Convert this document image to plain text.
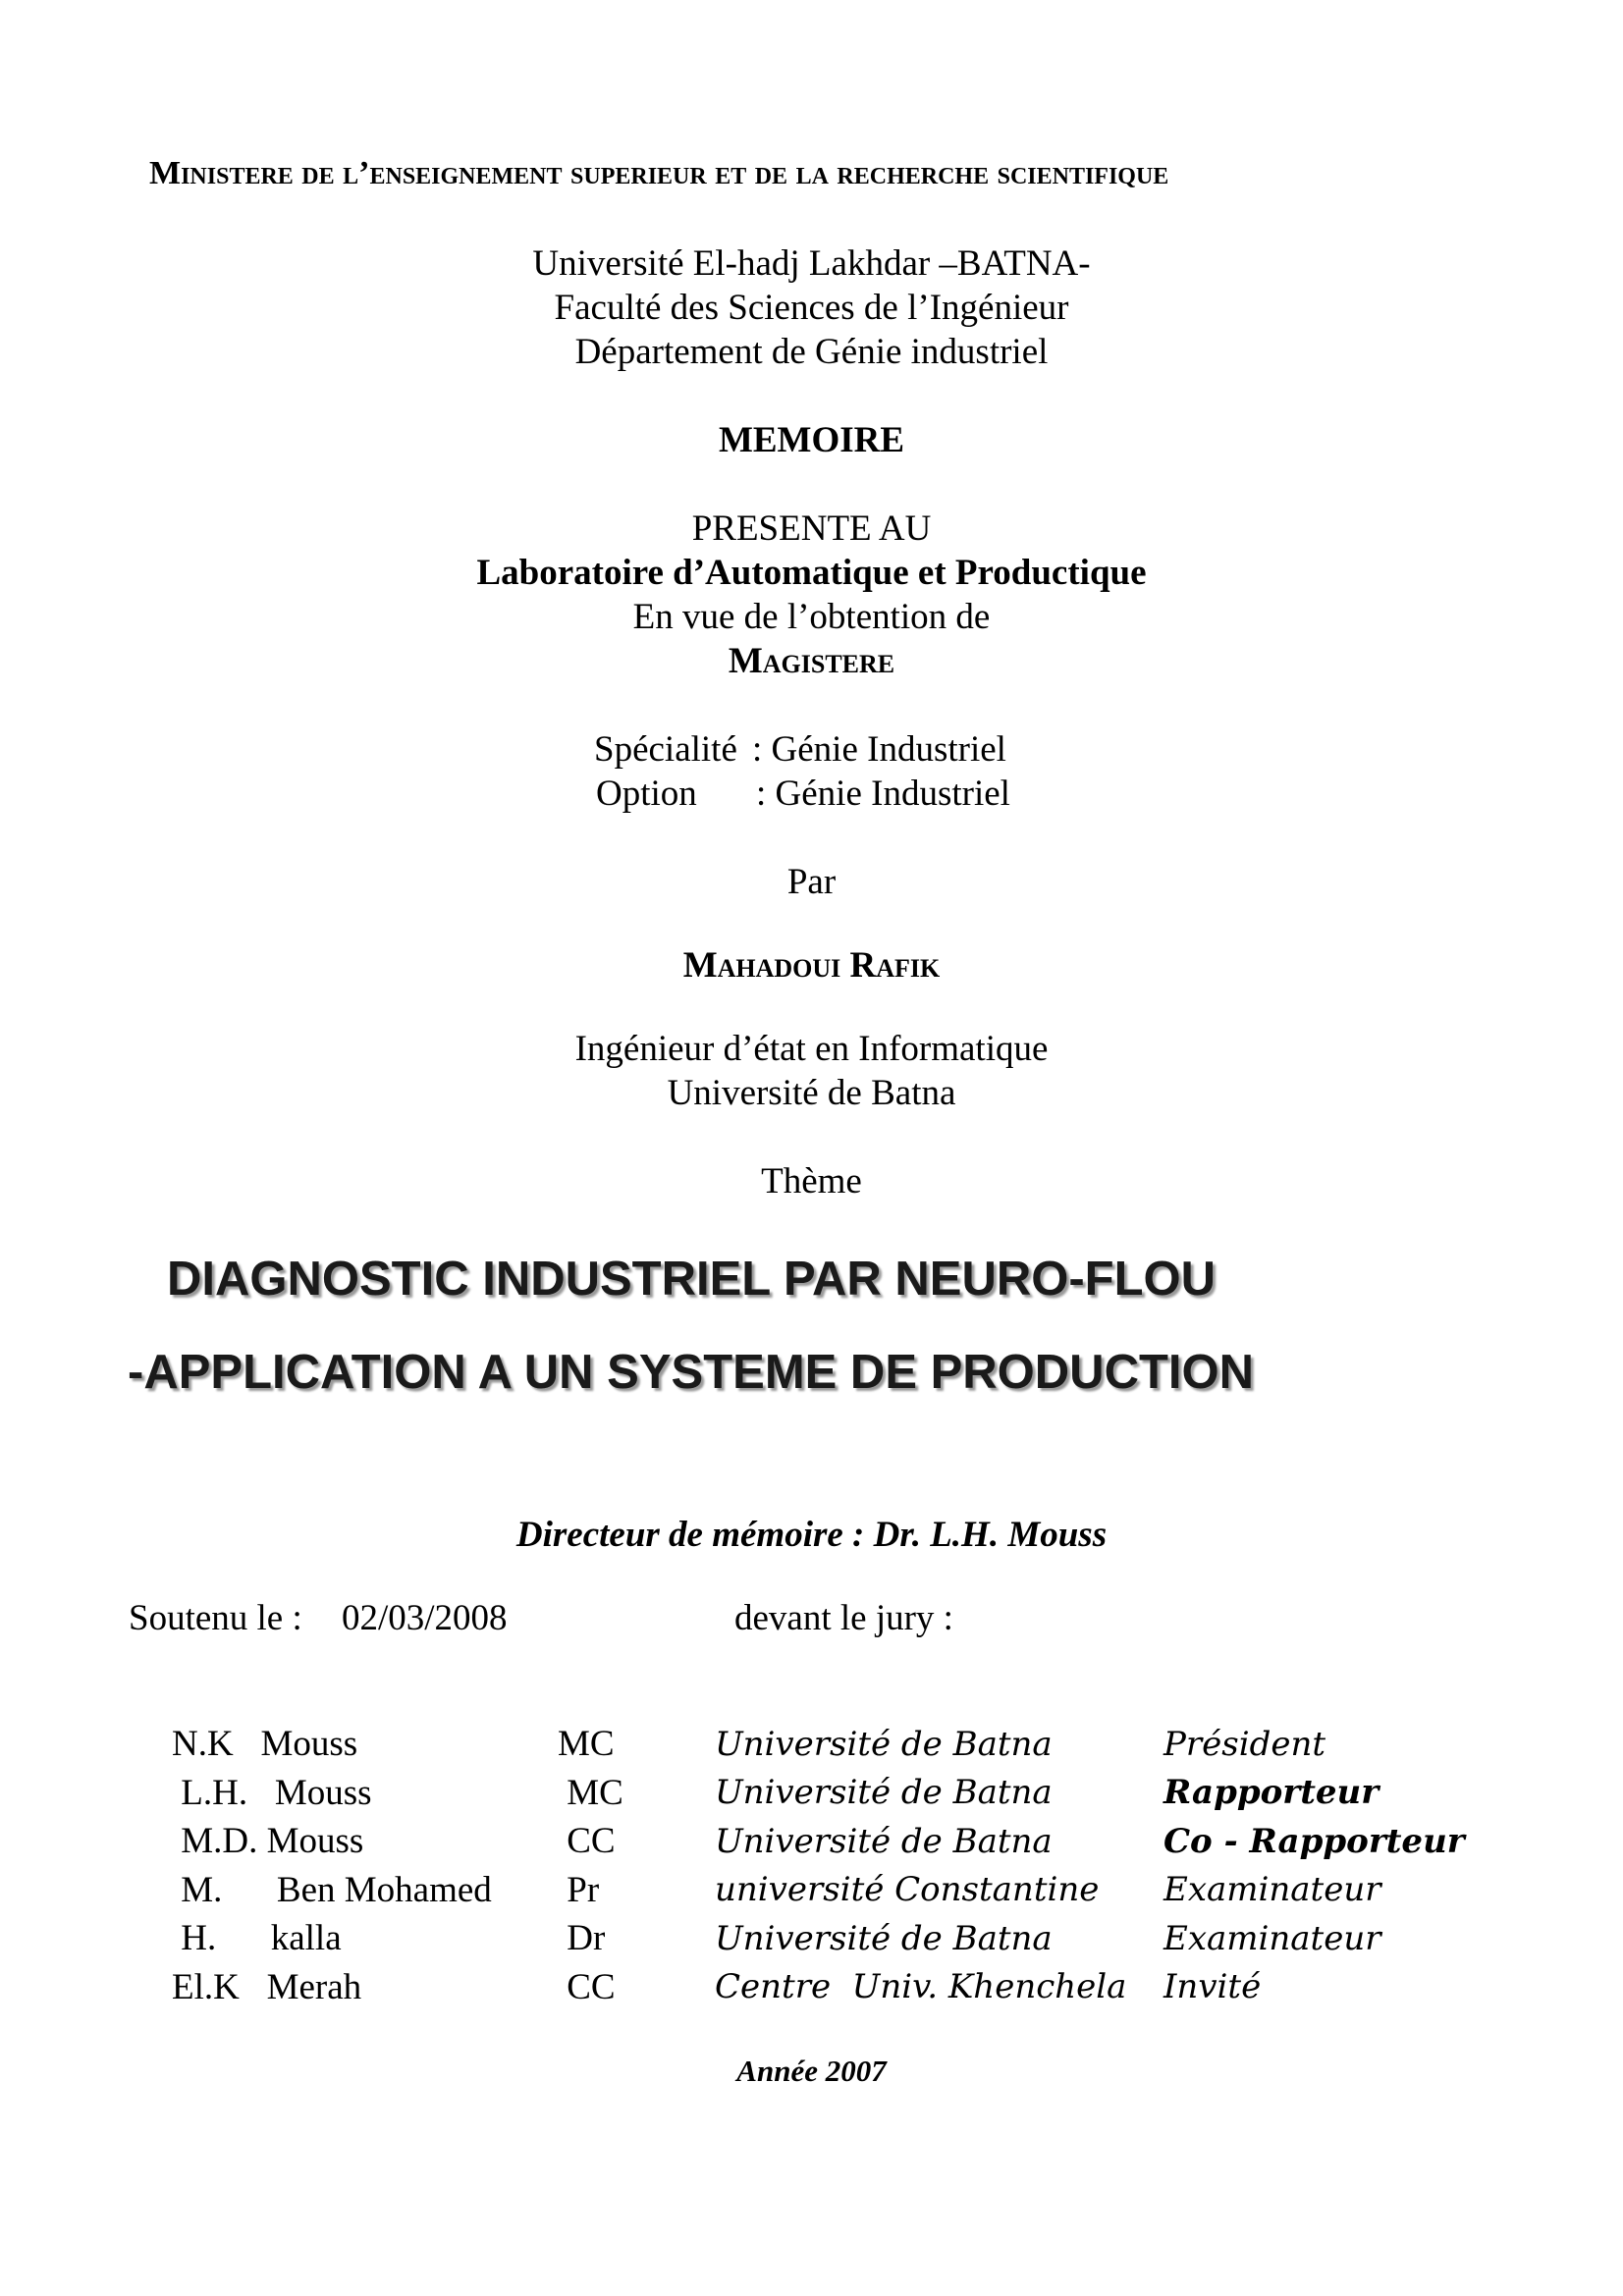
Ministere de l’enseignement superieur et de la recherche scientifique
Université El-hadj Lakhdar –BATNA-
Faculté des Sciences de l’Ingénieur
Département de Génie industriel
MEMOIRE
PRESENTE AU
Laboratoire d’Automatique et Productique
En vue de l’obtention de
Magistere
Spécialité : Génie Industriel
Option : Génie Industriel
Par
Mahadoui Rafik
Ingénieur d’état en Informatique
Université de Batna
Thème
DIAGNOSTIC INDUSTRIEL PAR NEURO-FLOU
-APPLICATION A UN SYSTEME DE PRODUCTION
Directeur de mémoire : Dr. L.H. Mouss
Soutenu le : 02/03/2008	devant le jury :
N.K   Mouss	MC	Université de Batna	Président
L.H.   Mouss	MC	Université de Batna	Rapporteur
M.D. Mouss	CC	Université de Batna	Co - Rapporteur
M.      Ben Mohamed	Pr	université Constantine	Examinateur
H.      kalla	Dr	Université de Batna	Examinateur
El.K   Merah	CC	Centre  Univ. Khenchela	Invité
Année 2007
